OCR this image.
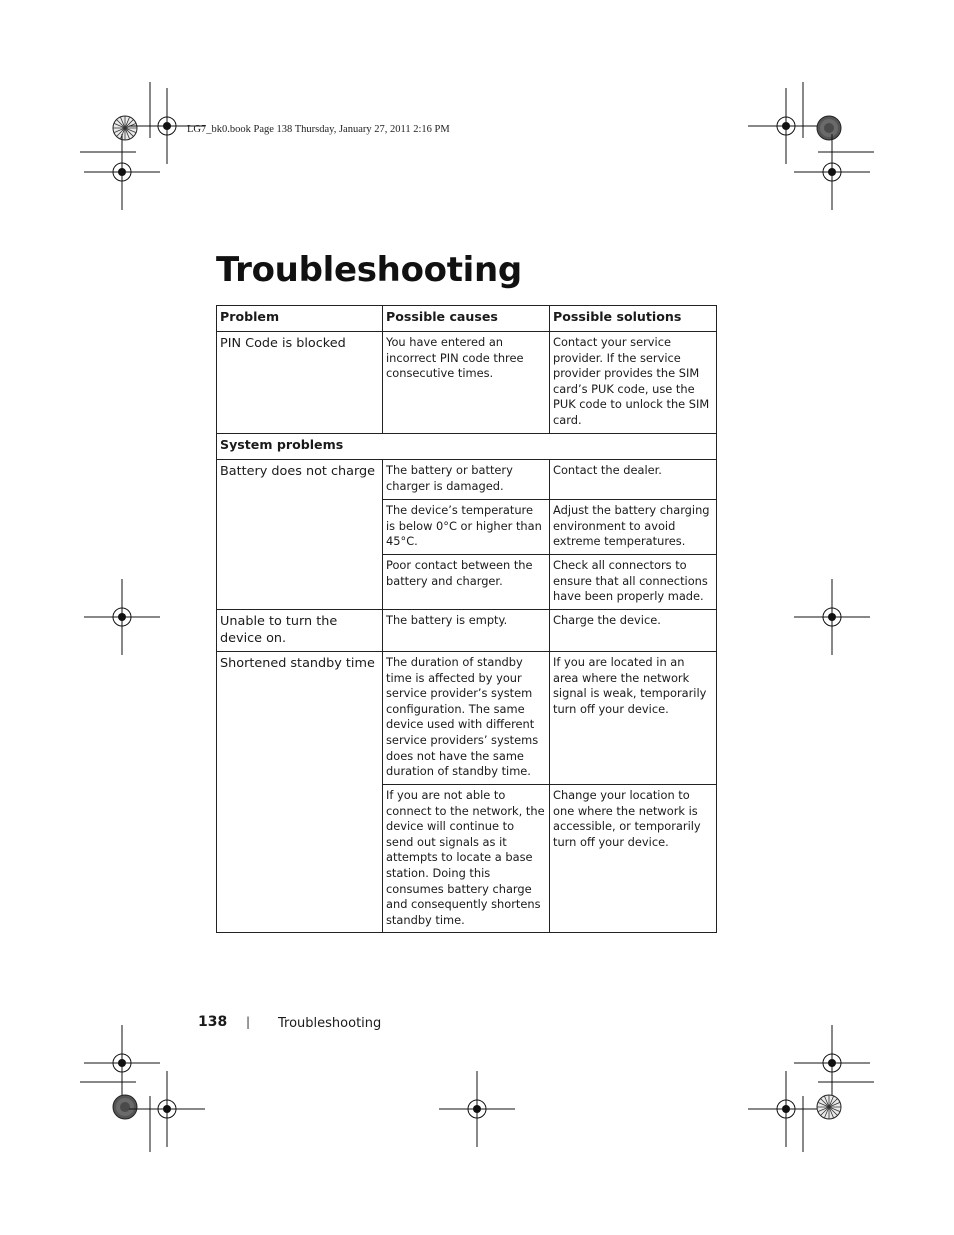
LG7_bk0.book Page 138 Thursday, January 27, 2011 2:16 PM
Troubleshooting
Problem	Possible causes	Possible solutions
PIN Code is blocked	You have entered an incorrect PIN code three consecutive times.	Contact your service provider. If the service provider provides the SIM card’s PUK code, use the PUK code to unlock the SIM card.
System problems		
Battery does not charge	The battery or battery charger is damaged.	Contact the dealer.
	The device’s temperature is below 0°C or higher than 45°C.	Adjust the battery charging environment to avoid extreme temperatures.
	Poor contact between the battery and charger.	Check all connectors to ensure that all connections have been properly made.
Unable to turn the device on.	The battery is empty.	Charge the device.
Shortened standby time	The duration of standby time is affected by your service provider’s system configuration. The same device used with different service providers’ systems does not have the same duration of standby time.	If you are located in an area where the network signal is weak, temporarily turn off your device.
	If you are not able to connect to the network, the device will continue to send out signals as it attempts to locate a base station. Doing this consumes battery charge and consequently shortens standby time.	Change your location to one where the network is accessible, or temporarily turn off your device.
138 | Troubleshooting
